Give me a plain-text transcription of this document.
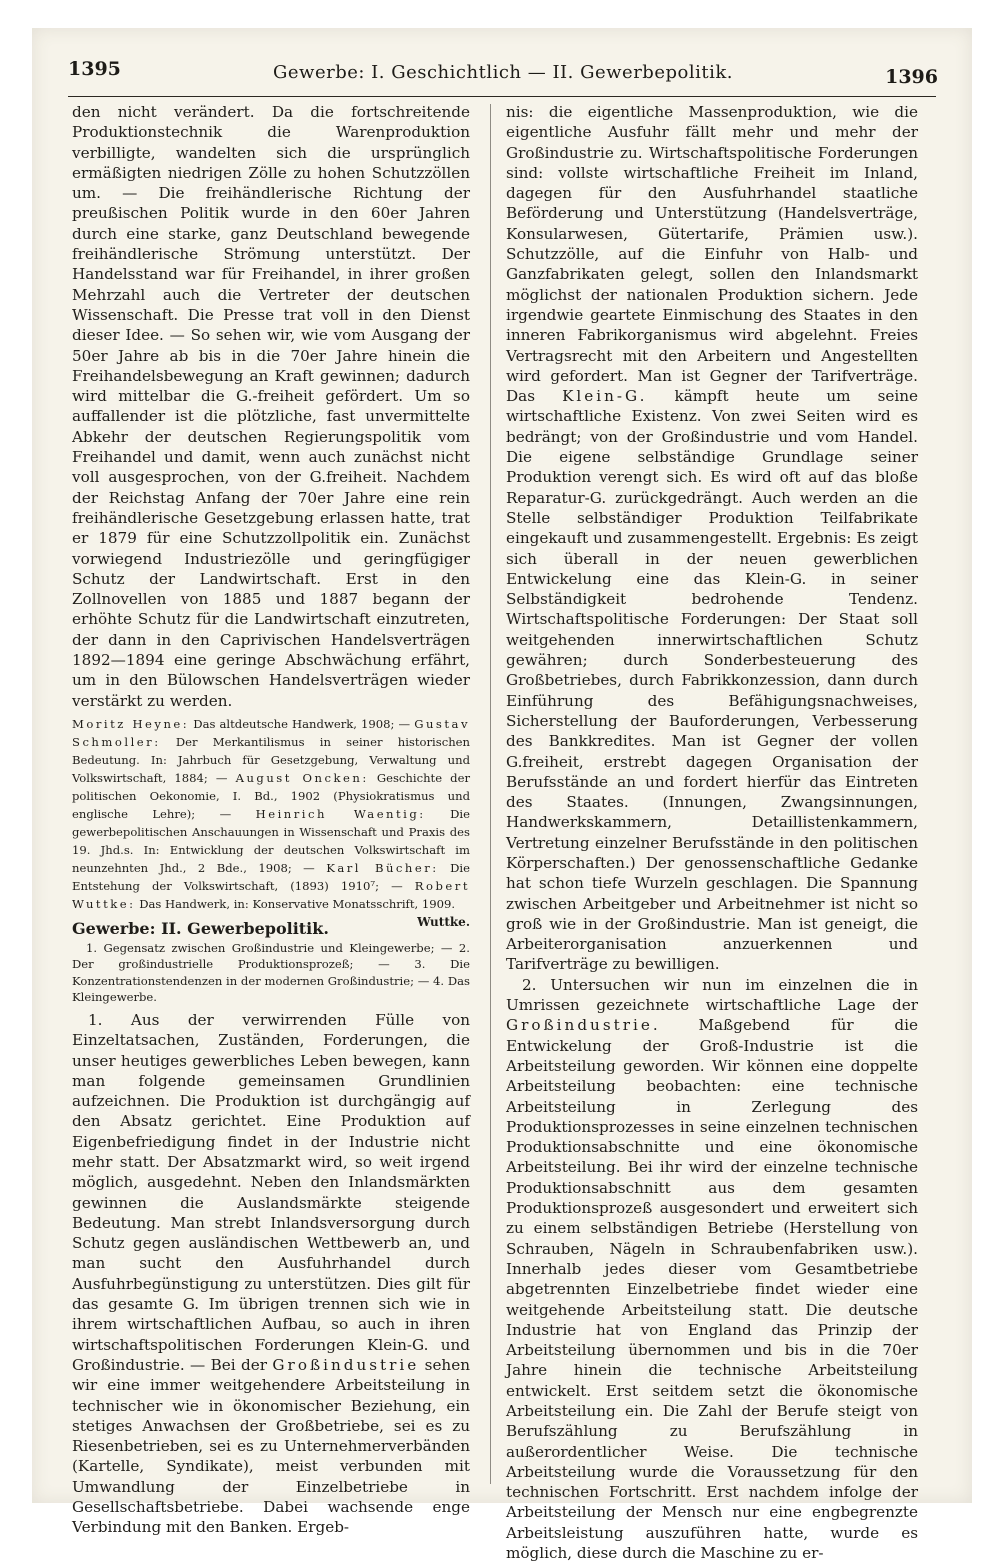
1395	Gewerbe: I. Geschichtlich — II. Gewerbepolitik.	1396

den nicht verändert. Da die fortschreitende Produktionstechnik die Warenproduktion verbilligte, wandelten sich die ursprünglich ermäßigten niedrigen Zölle zu hohen Schutzzöllen um. — Die freihändlerische Richtung der preußischen Politik wurde in den 60er Jahren durch eine starke, ganz Deutschland bewegende freihändlerische Strömung unterstützt. Der Handelsstand war für Freihandel, in ihrer großen Mehrzahl auch die Vertreter der deutschen Wissenschaft. Die Presse trat voll in den Dienst dieser Idee. — So sehen wir, wie vom Ausgang der 50er Jahre ab bis in die 70er Jahre hinein die Freihandelsbewegung an Kraft gewinnen; dadurch wird mittelbar die G.-freiheit gefördert. Um so auffallender ist die plötzliche, fast unvermittelte Abkehr der deutschen Regierungspolitik vom Freihandel und damit, wenn auch zunächst nicht voll ausgesprochen, von der G.freiheit. Nachdem der Reichstag Anfang der 70er Jahre eine rein freihändlerische Gesetzgebung erlassen hatte, trat er 1879 für eine Schutzzollpolitik ein. Zunächst vorwiegend Industriezölle und geringfügiger Schutz der Landwirtschaft. Erst in den Zollnovellen von 1885 und 1887 begann der erhöhte Schutz für die Landwirtschaft einzutreten, der dann in den Caprivischen Handelsverträgen 1892—1894 eine geringe Abschwächung erfährt, um in den Bülowschen Handelsverträgen wieder verstärkt zu werden.

Moritz Heyne: Das altdeutsche Handwerk, 1908; — Gustav Schmoller: Der Merkantilismus in seiner historischen Bedeutung. In: Jahrbuch für Gesetzgebung, Verwaltung und Volkswirtschaft, 1884; — August Oncken: Geschichte der politischen Oekonomie, I. Bd., 1902 (Physiokratismus und englische Lehre); — Heinrich Waentig: Die gewerbepolitischen Anschauungen in Wissenschaft und Praxis des 19. Jhd.s. In: Entwicklung der deutschen Volkswirtschaft im neunzehnten Jhd., 2 Bde., 1908; — Karl Bücher: Die Entstehung der Volkswirtschaft, (1893) 1910⁷; — Robert Wuttke: Das Handwerk, in: Konservative Monatsschrift, 1909.
Wuttke.

Gewerbe: II. Gewerbepolitik.

1. Gegensatz zwischen Großindustrie und Kleingewerbe; — 2. Der großindustrielle Produktionsprozeß; — 3. Die Konzentrationstendenzen in der modernen Großindustrie; — 4. Das Kleingewerbe.

1. Aus der verwirrenden Fülle von Einzeltatsachen, Zuständen, Forderungen, die unser heutiges gewerbliches Leben bewegen, kann man folgende gemeinsamen Grundlinien aufzeichnen. Die Produktion ist durchgängig auf den Absatz gerichtet. Eine Produktion auf Eigenbefriedigung findet in der Industrie nicht mehr statt. Der Absatzmarkt wird, so weit irgend möglich, ausgedehnt. Neben den Inlandsmärkten gewinnen die Auslandsmärkte steigende Bedeutung. Man strebt Inlandsversorgung durch Schutz gegen ausländischen Wettbewerb an, und man sucht den Ausfuhrhandel durch Ausfuhrbegünstigung zu unterstützen. Dies gilt für das gesamte G. Im übrigen trennen sich wie in ihrem wirtschaftlichen Aufbau, so auch in ihren wirtschaftspolitischen Forderungen Klein-G. und Großindustrie. — Bei der Großindustrie sehen wir eine immer weitgehendere Arbeitsteilung in technischer wie in ökonomischer Beziehung, ein stetiges Anwachsen der Großbetriebe, sei es zu Riesenbetrieben, sei es zu Unternehmerverbänden (Kartelle, Syndikate), meist verbunden mit Umwandlung der Einzelbetriebe in Gesellschaftsbetriebe. Dabei wachsende enge Verbindung mit den Banken. Ergeb-

nis: die eigentliche Massenproduktion, wie die eigentliche Ausfuhr fällt mehr und mehr der Großindustrie zu. Wirtschaftspolitische Forderungen sind: vollste wirtschaftliche Freiheit im Inland, dagegen für den Ausfuhrhandel staatliche Beförderung und Unterstützung (Handelsverträge, Konsularwesen, Gütertarife, Prämien usw.). Schutzzölle, auf die Einfuhr von Halb- und Ganzfabrikaten gelegt, sollen den Inlandsmarkt möglichst der nationalen Produktion sichern. Jede irgendwie geartete Einmischung des Staates in den inneren Fabrikorganismus wird abgelehnt. Freies Vertragsrecht mit den Arbeitern und Angestellten wird gefordert. Man ist Gegner der Tarifverträge. Das Klein-G. kämpft heute um seine wirtschaftliche Existenz. Von zwei Seiten wird es bedrängt; von der Großindustrie und vom Handel. Die eigene selbständige Grundlage seiner Produktion verengt sich. Es wird oft auf das bloße Reparatur-G. zurückgedrängt. Auch werden an die Stelle selbständiger Produktion Teilfabrikate eingekauft und zusammengestellt. Ergebnis: Es zeigt sich überall in der neuen gewerblichen Entwickelung eine das Klein-G. in seiner Selbständigkeit bedrohende Tendenz. Wirtschaftspolitische Forderungen: Der Staat soll weitgehenden innerwirtschaftlichen Schutz gewähren; durch Sonderbesteuerung des Großbetriebes, durch Fabrikkonzession, dann durch Einführung des Befähigungsnachweises, Sicherstellung der Bauforderungen, Verbesserung des Bankkredites. Man ist Gegner der vollen G.freiheit, erstrebt dagegen Organisation der Berufsstände an und fordert hierfür das Eintreten des Staates. (Innungen, Zwangsinnungen, Handwerkskammern, Detaillistenkammern, Vertretung einzelner Berufsstände in den politischen Körperschaften.) Der genossenschaftliche Gedanke hat schon tiefe Wurzeln geschlagen. Die Spannung zwischen Arbeitgeber und Arbeitnehmer ist nicht so groß wie in der Großindustrie. Man ist geneigt, die Arbeiterorganisation anzuerkennen und Tarifverträge zu bewilligen.

2. Untersuchen wir nun im einzelnen die in Umrissen gezeichnete wirtschaftliche Lage der Großindustrie. Maßgebend für die Entwickelung der Groß-Industrie ist die Arbeitsteilung geworden. Wir können eine doppelte Arbeitsteilung beobachten: eine technische Arbeitsteilung in Zerlegung des Produktionsprozesses in seine einzelnen technischen Produktionsabschnitte und eine ökonomische Arbeitsteilung. Bei ihr wird der einzelne technische Produktionsabschnitt aus dem gesamten Produktionsprozeß ausgesondert und erweitert sich zu einem selbständigen Betriebe (Herstellung von Schrauben, Nägeln in Schraubenfabriken usw.). Innerhalb jedes dieser vom Gesamtbetriebe abgetrennten Einzelbetriebe findet wieder eine weitgehende Arbeitsteilung statt. Die deutsche Industrie hat von England das Prinzip der Arbeitsteilung übernommen und bis in die 70er Jahre hinein die technische Arbeitsteilung entwickelt. Erst seitdem setzt die ökonomische Arbeitsteilung ein. Die Zahl der Berufe steigt von Berufszählung zu Berufszählung in außerordentlicher Weise. Die technische Arbeitsteilung wurde die Voraussetzung für den technischen Fortschritt. Erst nachdem infolge der Arbeitsteilung der Mensch nur eine engbegrenzte Arbeitsleistung auszuführen hatte, wurde es möglich, diese durch die Maschine zu er-
